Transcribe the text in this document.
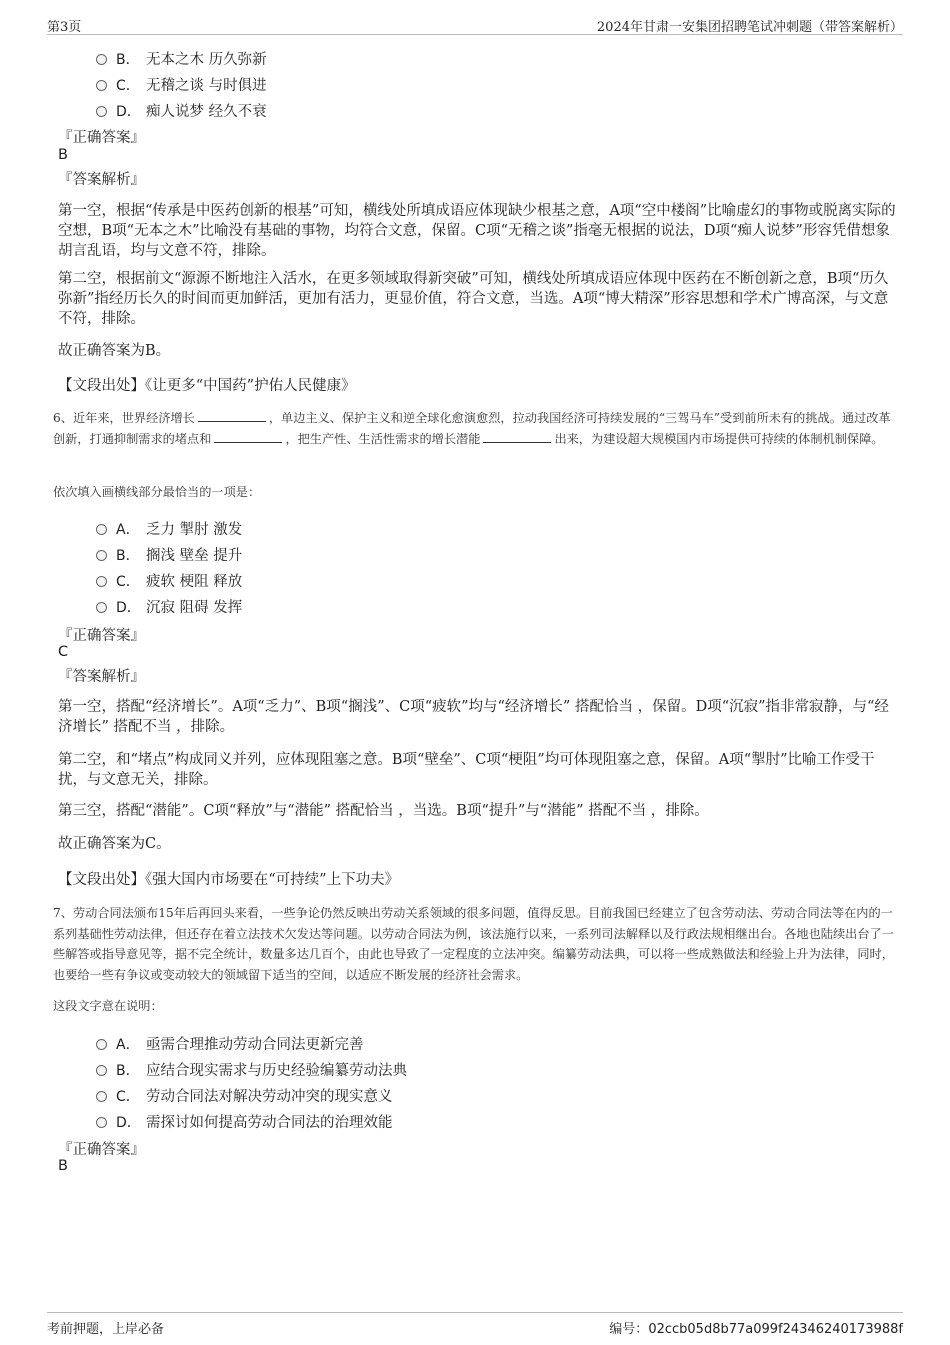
第3页	2024年甘肃一安集团招聘笔试冲刺题（带答案解析）
B． 无本之木 历久弥新
C． 无稽之谈 与时俱进
D． 痴人说梦 经久不衰
『正确答案』
B
『答案解析』
第一空，根据“传承是中医药创新的根基”可知，横线处所填成语应体现缺少根基之意，A项“空中楼阁”比喻虚幻的事物或脱离实际的空想，B项“无本之木”比喻没有基础的事物，均符合文意，保留。C项“无稽之谈”指毫无根据的说法，D项“痴人说梦”形容凭借想象胡言乱语，均与文意不符，排除。
第二空，根据前文“源源不断地注入活水，在更多领域取得新突破”可知，横线处所填成语应体现中医药在不断创新之意，B项“历久弥新”指经历长久的时间而更加鲜活，更加有活力，更显价值，符合文意，当选。A项“博大精深”形容思想和学术广博高深，与文意不符，排除。
故正确答案为B。
【文段出处】《让更多“中国药”护佑人民健康》
6、近年来，世界经济增长	，单边主义、保护主义和逆全球化愈演愈烈，拉动我国经济可持续发展的“三驾马车”受到前所未有的挑战。通过改革创新，打通抑制需求的堵点和	，把生产性、生活性需求的增长潜能	出来，为建设超大规模国内市场提供可持续的体制机制保障。
依次填入画横线部分最恰当的一项是：
A． 乏力 掣肘 激发
B． 搁浅 壁垒 提升
C． 疲软 梗阻 释放
D． 沉寂 阻碍 发挥
『正确答案』
C
『答案解析』
第一空，搭配“经济增长”。A项“乏力”、B项“搁浅”、C项“疲软”均与“经济增长” 搭配恰当 ，保留。D项“沉寂”指非常寂静，与“经济增长” 搭配不当 ，排除。
第二空，和“堵点”构成同义并列，应体现阻塞之意。B项“壁垒”、C项“梗阻”均可体现阻塞之意，保留。A项“掣肘”比喻工作受干扰，与文意无关，排除。
第三空，搭配“潜能”。C项“释放”与“潜能” 搭配恰当 ，当选。B项“提升”与“潜能” 搭配不当 ，排除。
故正确答案为C。
【文段出处】《强大国内市场要在“可持续”上下功夫》
7、劳动合同法颁布15年后再回头来看，一些争论仍然反映出劳动关系领域的很多问题，值得反思。目前我国已经建立了包含劳动法、劳动合同法等在内的一系列基础性劳动法律，但还存在着立法技术欠发达等问题。以劳动合同法为例，该法施行以来，一系列司法解释以及行政法规相继出台。各地也陆续出台了一些解答或指导意见等，据不完全统计，数量多达几百个，由此也导致了一定程度的立法冲突。编纂劳动法典，可以将一些成熟做法和经验上升为法律，同时，也要给一些有争议或变动较大的领域留下适当的空间，以适应不断发展的经济社会需求。
这段文字意在说明：
A． 亟需合理推动劳动合同法更新完善
B． 应结合现实需求与历史经验编纂劳动法典
C． 劳动合同法对解决劳动冲突的现实意义
D． 需探讨如何提高劳动合同法的治理效能
『正确答案』
B
考前押题，上岸必备	编号：02ccb05d8b77a099f24346240173988f
